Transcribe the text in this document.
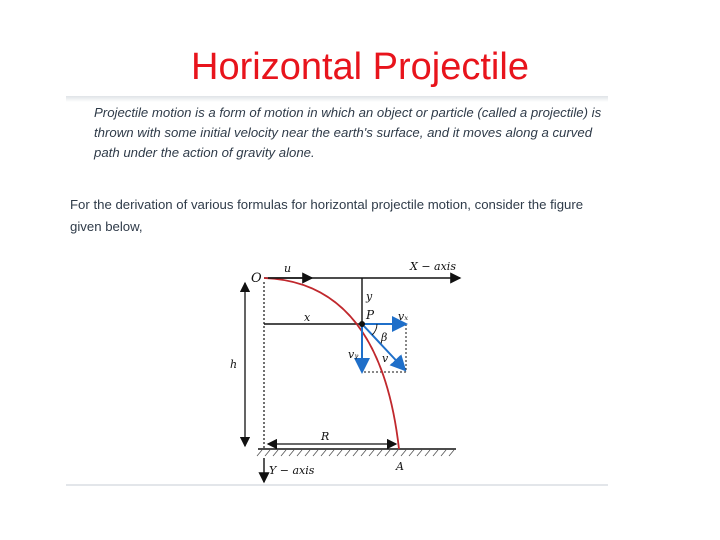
Horizontal Projectile
Projectile motion is a form of motion in which an object or particle (called a projectile) is thrown with some initial velocity near the earth's surface, and it moves along a curved path under the action of gravity alone.
For the derivation of various formulas for horizontal projectile motion, consider the figure given below,
O
u	X − axis
y
x	P vₓ
β
vᵧ v
h
R
A
Y − axis
